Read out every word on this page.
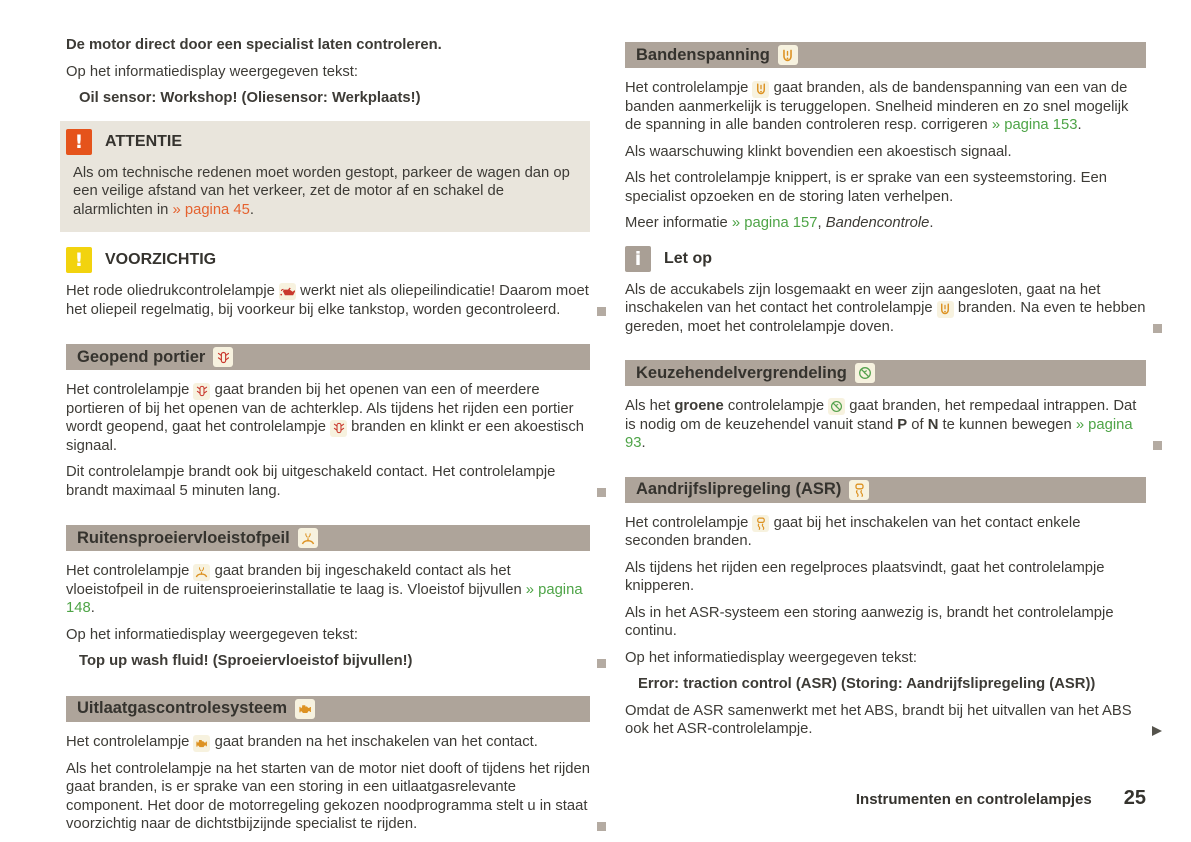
De motor direct door een specialist laten controleren.

Op het informatiedisplay weergegeven tekst:

Oil sensor: Workshop! (Oliesensor: Werkplaats!)

!	ATTENTIE

Als om technische redenen moet worden gestopt, parkeer de wagen dan op een veilige afstand van het verkeer, zet de motor af en schakel de alarmlichten in » pagina 45.

!	VOORZICHTIG

Het rode oliedrukcontrolelampje
werkt niet als oliepeilindicatie! Daarom moet het oliepeil regelmatig, bij voorkeur bij elke tankstop, worden gecontroleerd.

Geopend portier

Het controlelampje
gaat branden bij het openen van een of meerdere portieren of bij het openen van de achterklep. Als tijdens het rijden een portier wordt geopend, gaat het controlelampje
branden en klinkt er een akoestisch signaal.

Dit controlelampje brandt ook bij uitgeschakeld contact. Het controlelampje brandt maximaal 5 minuten lang.

Ruitensproeiervloeistofpeil

Het controlelampje
gaat branden bij ingeschakeld contact als het vloeistofpeil in de ruitensproeierinstallatie te laag is. Vloeistof bijvullen » pagina 148.

Op het informatiedisplay weergegeven tekst:

Top up wash fluid! (Sproeiervloeistof bijvullen!)

Uitlaatgascontrolesysteem

Het controlelampje
gaat branden na het inschakelen van het contact.

Als het controlelampje na het starten van de motor niet dooft of tijdens het rijden gaat branden, is er sprake van een storing in een uitlaatgasrelevante component. Het door de motorregeling gekozen noodprogramma stelt u in staat voorzichtig naar de dichtstbijzijnde specialist te rijden.

Bandenspanning

Het controlelampje
gaat branden, als de bandenspanning van een van de banden aanmerkelijk is teruggelopen. Snelheid minderen en zo snel mogelijk de spanning in alle banden controleren resp. corrigeren » pagina 153.

Als waarschuwing klinkt bovendien een akoestisch signaal.

Als het controlelampje knippert, is er sprake van een systeemstoring. Een specialist opzoeken en de storing laten verhelpen.

Meer informatie » pagina 157, Bandencontrole.

i	Let op

Als de accukabels zijn losgemaakt en weer zijn aangesloten, gaat na het inschakelen van het contact het controlelampje
branden. Na even te hebben gereden, moet het controlelampje doven.

Keuzehendelvergrendeling

Als het groene controlelampje
gaat branden, het rempedaal intrappen. Dat is nodig om de keuzehendel vanuit stand P of N te kunnen bewegen » pagina 93.

Aandrijfslipregeling (ASR)

Het controlelampje
gaat bij het inschakelen van het contact enkele seconden branden.

Als tijdens het rijden een regelproces plaatsvindt, gaat het controlelampje knipperen.

Als in het ASR-systeem een storing aanwezig is, brandt het controlelampje continu.

Op het informatiedisplay weergegeven tekst:

Error: traction control (ASR) (Storing: Aandrijfslipregeling (ASR))

Omdat de ASR samenwerkt met het ABS, brandt bij het uitvallen van het ABS ook het ASR-controlelampje.

Instrumenten en controlelampjes 25
